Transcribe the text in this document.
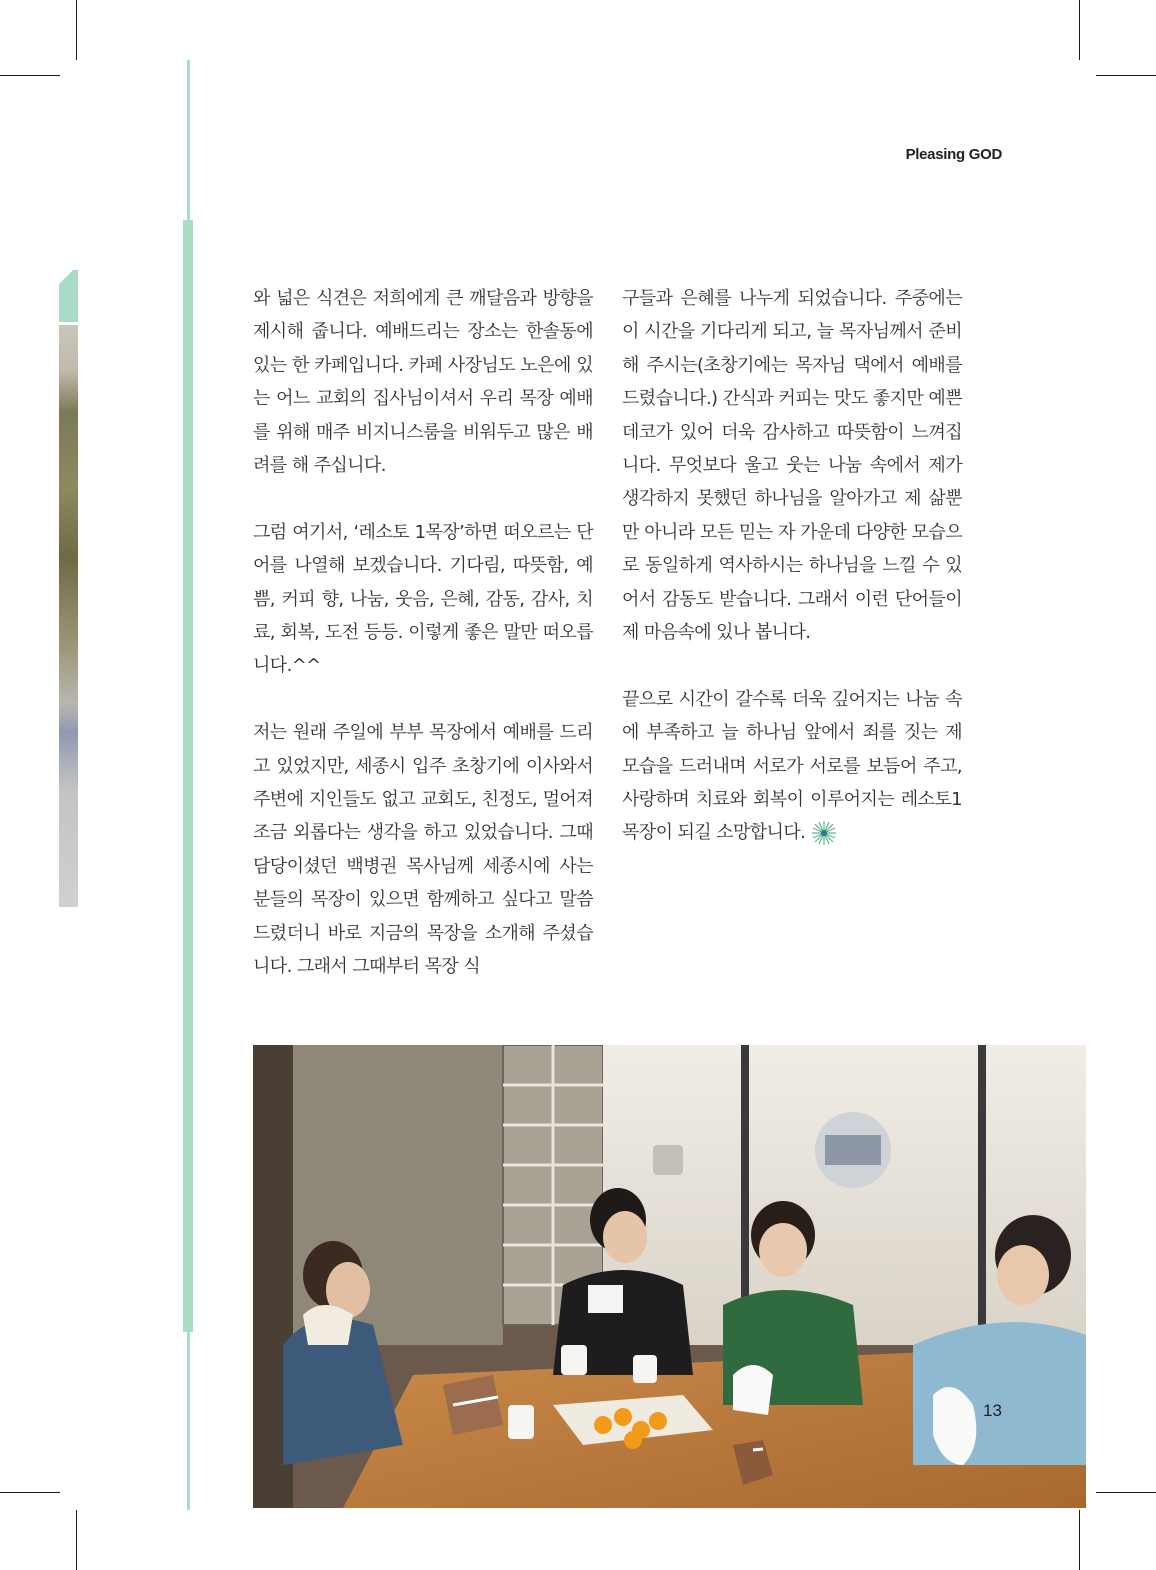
Pleasing GOD

와 넓은 식견은 저희에게 큰 깨달음과 방향을 제시해 줍니다. 예배드리는 장소는 한솔동에 있는 한 카페입니다. 카페 사장님도 노은에 있는 어느 교회의 집사님이셔서 우리 목장 예배를 위해 매주 비지니스룸을 비워두고 많은 배려를 해 주십니다.

그럼 여기서, ‘레소토 1목장’하면 떠오르는 단어를 나열해 보겠습니다. 기다림, 따뜻함, 예쁨, 커피 향, 나눔, 웃음, 은혜, 감동, 감사, 치료, 회복, 도전 등등. 이렇게 좋은 말만 떠오릅니다.^^

저는 원래 주일에 부부 목장에서 예배를 드리고 있었지만, 세종시 입주 초창기에 이사와서 주변에 지인들도 없고 교회도, 친정도, 멀어져 조금 외롭다는 생각을 하고 있었습니다. 그때 담당이셨던 백병권 목사님께 세종시에 사는 분들의 목장이 있으면 함께하고 싶다고 말씀드렸더니 바로 지금의 목장을 소개해 주셨습니다. 그래서 그때부터 목장 식

구들과 은혜를 나누게 되었습니다. 주중에는 이 시간을 기다리게 되고, 늘 목자님께서 준비해 주시는(초창기에는 목자님 댁에서 예배를 드렸습니다.) 간식과 커피는 맛도 좋지만 예쁜 데코가 있어 더욱 감사하고 따뜻함이 느껴집니다. 무엇보다 울고 웃는 나눔 속에서 제가 생각하지 못했던 하나님을 알아가고 제 삶뿐만 아니라 모든 믿는 자 가운데 다양한 모습으로 동일하게 역사하시는 하나님을 느낄 수 있어서 감동도 받습니다. 그래서 이런 단어들이 제 마음속에 있나 봅니다.

끝으로 시간이 갈수록 더욱 깊어지는 나눔 속에 부족하고 늘 하나님 앞에서 죄를 짓는 제 모습을 드러내며 서로가 서로를 보듬어 주고, 사랑하며 치료와 회복이 이루어지는 레소토1목장이 되길 소망합니다.

13
